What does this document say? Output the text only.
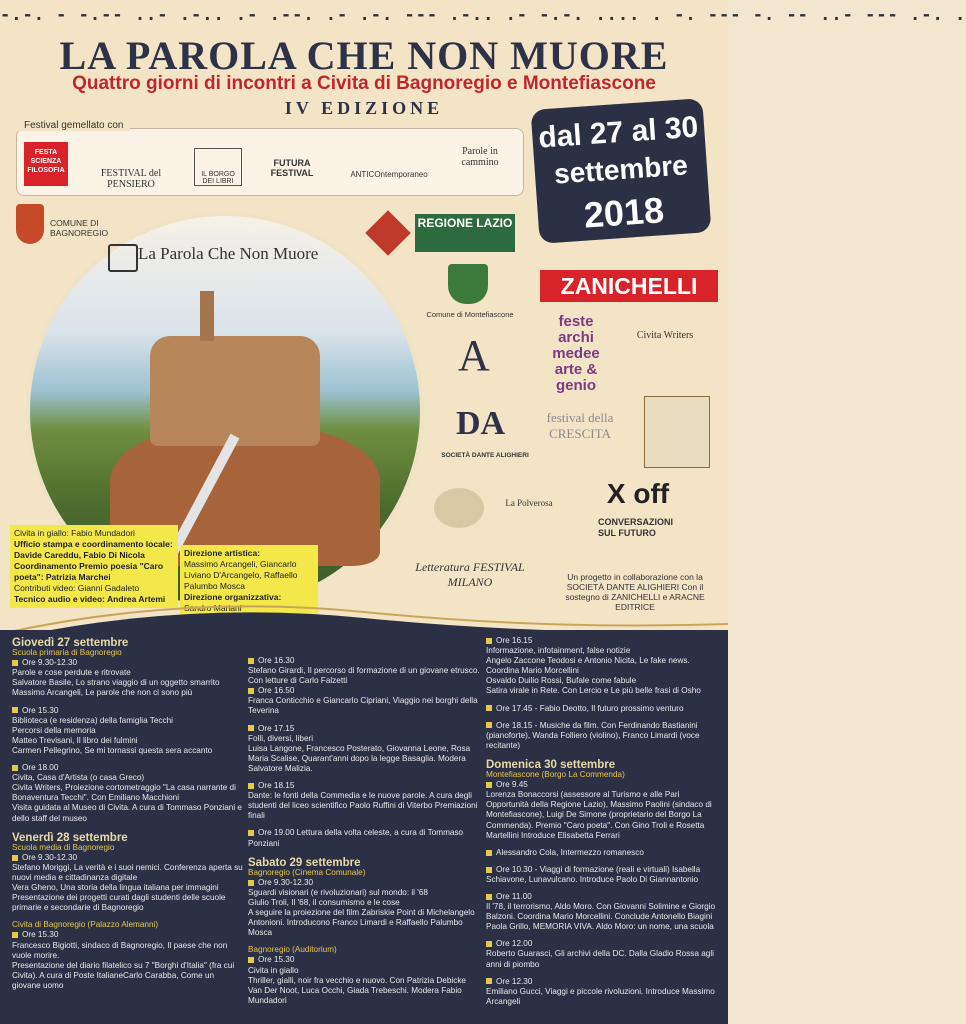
-.-. - -.-- ..- .-.. .- .--. .- .-. --- .-.. .- -.-. .... . -. --- -. -- ..- --- .-. .
LA PAROLA CHE NON MUORE
Quattro giorni di incontri a Civita di Bagnoregio e Montefiascone
IV EDIZIONE
Festival gemellato con
FESTA SCIENZA FILOSOFIA	FESTIVAL del PENSIERO
IL BORGO DEI LIBRI
FUTURA FESTIVAL	ANTICOntemporaneo
Parole in cammino
dal 27 al 30
settembre
2018
COMUNE DI BAGNOREGIO
La Parola Che Non Muore
Civita in giallo: Fabio Mundadori
Ufficio stampa e coordinamento locale: Davide Careddu, Fabio Di Nicola
Coordinamento Premio poesia "Caro poeta": Patrizia Marchei
Contributi video: Gianni Gadaleto
Tecnico audio e video: Andrea Artemi
Direzione artistica:
Massimo Arcangeli, Giancarlo Liviano D'Arcangelo, Raffaello Palumbo Mosca
Direzione organizzativa:
Sandro Mariani
REGIONE LAZIO
Comune di Montefiascone
ZANICHELLI
A
feste archi medee arte & genio
Civita Writers
DA
SOCIETÀ DANTE ALIGHIERI
festival della CRESCITA
La Polverosa	X off
CONVERSAZIONI SUL FUTURO
Letteratura FESTIVAL MILANO	Un progetto in collaborazione con la SOCIETÀ DANTE ALIGHIERI Con il sostegno di ZANICHELLI e ARACNE EDITRICE

Giovedì 27 settembre

Scuola primaria di Bagnoregio

Ore 9.30-12.30

Parole e cose perdute e ritrovate

Salvatore Basile, Lo strano viaggio di un oggetto smarrito

Massimo Arcangeli, Le parole che non ci sono più

Ore 15.30

Biblioteca (e residenza) della famiglia Tecchi

Percorsi della memoria

Matteo Trevisani, Il libro dei fulmini

Carmen Pellegrino, Se mi tornassi questa sera accanto

Ore 18.00

Civita, Casa d'Artista (o casa Greco)

Civita Writers, Proiezione cortometraggio "La casa narrante di Bonaventura Tecchi". Con Emiliano Macchioni

Visita guidata al Museo di Civita. A cura di Tommaso Ponziani e dello staff del museo

Venerdì 28 settembre

Scuola media di Bagnoregio

Ore 9.30-12.30

Stefano Moriggi, La verità e i suoi nemici. Conferenza aperta su nuovi media e cittadinanza digitale

Vera Gheno, Una storia della lingua italiana per immagini

Presentazione dei progetti curati dagli studenti delle scuole primarie e secondarie di Bagnoregio

Civita di Bagnoregio (Palazzo Alemanni)

Ore 15.30

Francesco Bigiotti, sindaco di Bagnoregio, Il paese che non vuole morire.

Presentazione del diario filatelico su 7 "Borghi d'Italia" (fra cui Civita). A cura di Poste ItalianeCarlo Carabba, Come un giovane uomo

Ore 16.30

Stefano Girardi, Il percorso di formazione di un giovane etrusco. Con letture di Carlo Falzetti

Ore 16.50

Franca Conticchio e Giancarlo Cipriani, Viaggio nei borghi della Teverina

Ore 17.15

Folli, diversi, liberi

Luisa Langone, Francesco Posterato, Giovanna Leone, Rosa Maria Scalise, Quarant'anni dopo la legge Basaglia. Modera Salvatore Malizia.

Ore 18.15

Dante: le fonti della Commedia e le nuove parole. A cura degli studenti del liceo scientifico Paolo Ruffini di Viterbo Premiazioni finali

Ore 19.00 Lettura della volta celeste, a cura di Tommaso Ponziani

Sabato 29 settembre

Bagnoregio (Cinema Comunale)

Ore 9.30-12.30

Sguardi visionari (e rivoluzionari) sul mondo: il '68

Giulio Troli, Il '68, il consumismo e le cose

A seguire la proiezione del film Zabriskie Point di Michelangelo Antonioni. Introducono Franco Limardi e Raffaello Palumbo Mosca

Bagnoregio (Auditorium)

Ore 15.30

Civita in giallo

Thriller, gialli, noir fra vecchio e nuovo. Con Patrizia Debicke Van Der Noot, Luca Occhi, Giada Trebeschi. Modera Fabio Mundadori

Ore 16.15

Informazione, infotainment, false notizie

Angelo Zaccone Teodosi e Antonio Nicita, Le fake news. Coordina Mario Morcellini

Osvaldo Duilio Rossi, Bufale come fabule

Satira virale in Rete. Con Lercio e Le più belle frasi di Osho

Ore 17.45 - Fabio Deotto, Il futuro prossimo venturo

Ore 18.15 - Musiche da film. Con Ferdinando Bastianini (pianoforte), Wanda Folliero (violino), Franco Limardi (voce recitante)

Domenica 30 settembre

Montefiascone (Borgo La Commenda)

Ore 9.45

Lorenza Bonaccorsi (assessore al Turismo e alle Pari Opportunità della Regione Lazio), Massimo Paolini (sindaco di Montefiascone), Luigi De Simone (proprietario del Borgo La Commenda). Premio "Caro poeta". Con Gino Troli e Rosetta Martellini Introduce Elisabetta Ferrari

Alessandro Cola, Intermezzo romanesco

Ore 10.30 - Viaggi di formazione (reali e virtuali) Isabella Schiavone, Lunavulcano. Introduce Paolo Di Giannantonio

Ore 11.00

Il '78, il terrorismo, Aldo Moro. Con Giovanni Solimine e Giorgio Balzoni. Coordina Mario Morcellini. Conclude Antonello Biagini Paola Grillo, MEMORIA VIVA. Aldo Moro: un nome, una scuola

Ore 12.00

Roberto Guarasci, Gli archivi della DC. Dalla Gladio Rossa agli anni di piombo

Ore 12.30

Emiliano Gucci, Viaggi e piccole rivoluzioni. Introduce Massimo Arcangeli
